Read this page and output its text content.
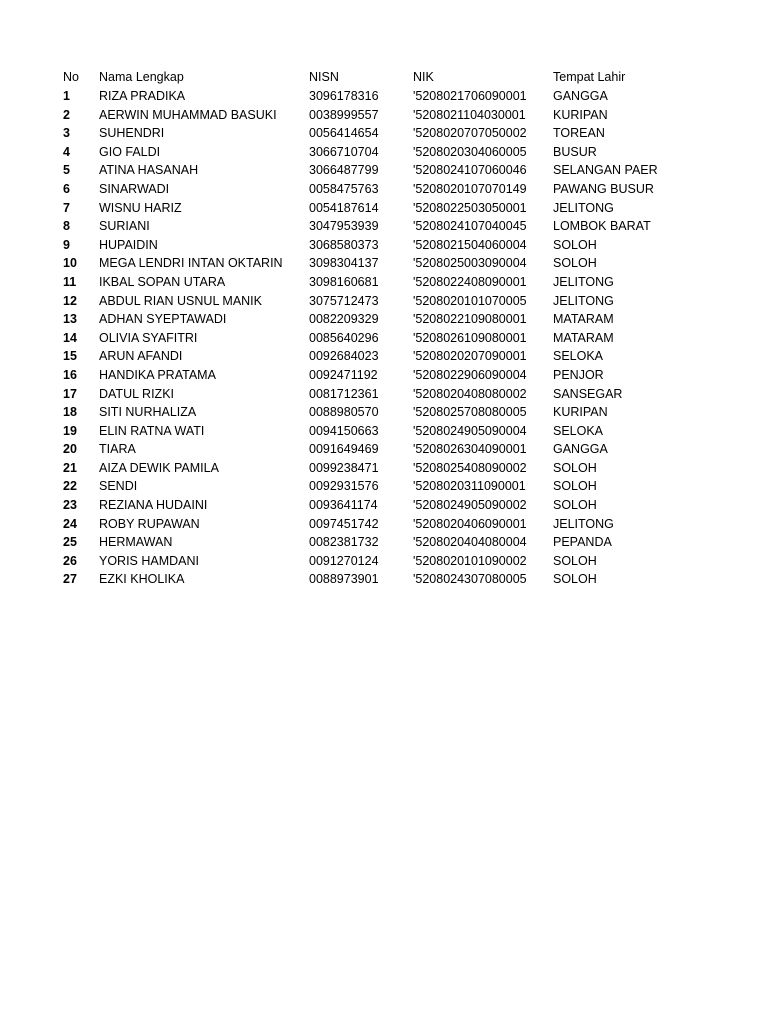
No	Nama Lengkap	NISN	NIK	Tempat Lahir
1	RIZA PRADIKA	3096178316	'5208021706090001	GANGGA
2	AERWIN MUHAMMAD BASUKI	0038999557	'5208021104030001	KURIPAN
3	SUHENDRI	0056414654	'5208020707050002	TOREAN
4	GIO FALDI	3066710704	'5208020304060005	BUSUR
5	ATINA HASANAH	3066487799	'5208024107060046	SELANGAN PAER
6	SINARWADI	0058475763	'5208020107070149	PAWANG BUSUR
7	WISNU HARIZ	0054187614	'5208022503050001	JELITONG
8	SURIANI	3047953939	'5208024107040045	LOMBOK BARAT
9	HUPAIDIN	3068580373	'5208021504060004	SOLOH
10	MEGA LENDRI INTAN OKTARIN	3098304137	'5208025003090004	SOLOH
11	IKBAL SOPAN UTARA	3098160681	'5208022408090001	JELITONG
12	ABDUL RIAN USNUL MANIK	3075712473	'5208020101070005	JELITONG
13	ADHAN SYEPTAWADI	0082209329	'5208022109080001	MATARAM
14	OLIVIA SYAFITRI	0085640296	'5208026109080001	MATARAM
15	ARUN AFANDI	0092684023	'5208020207090001	SELOKA
16	HANDIKA PRATAMA	0092471192	'5208022906090004	PENJOR
17	DATUL RIZKI	0081712361	'5208020408080002	SANSEGAR
18	SITI NURHALIZA	0088980570	'5208025708080005	KURIPAN
19	ELIN RATNA WATI	0094150663	'5208024905090004	SELOKA
20	TIARA	0091649469	'5208026304090001	GANGGA
21	AIZA DEWIK PAMILA	0099238471	'5208025408090002	SOLOH
22	SENDI	0092931576	'5208020311090001	SOLOH
23	REZIANA HUDAINI	0093641174	'5208024905090002	SOLOH
24	ROBY RUPAWAN	0097451742	'5208020406090001	JELITONG
25	HERMAWAN	0082381732	'5208020404080004	PEPANDA
26	YORIS HAMDANI	0091270124	'5208020101090002	SOLOH
27	EZKI KHOLIKA	0088973901	'5208024307080005	SOLOH
